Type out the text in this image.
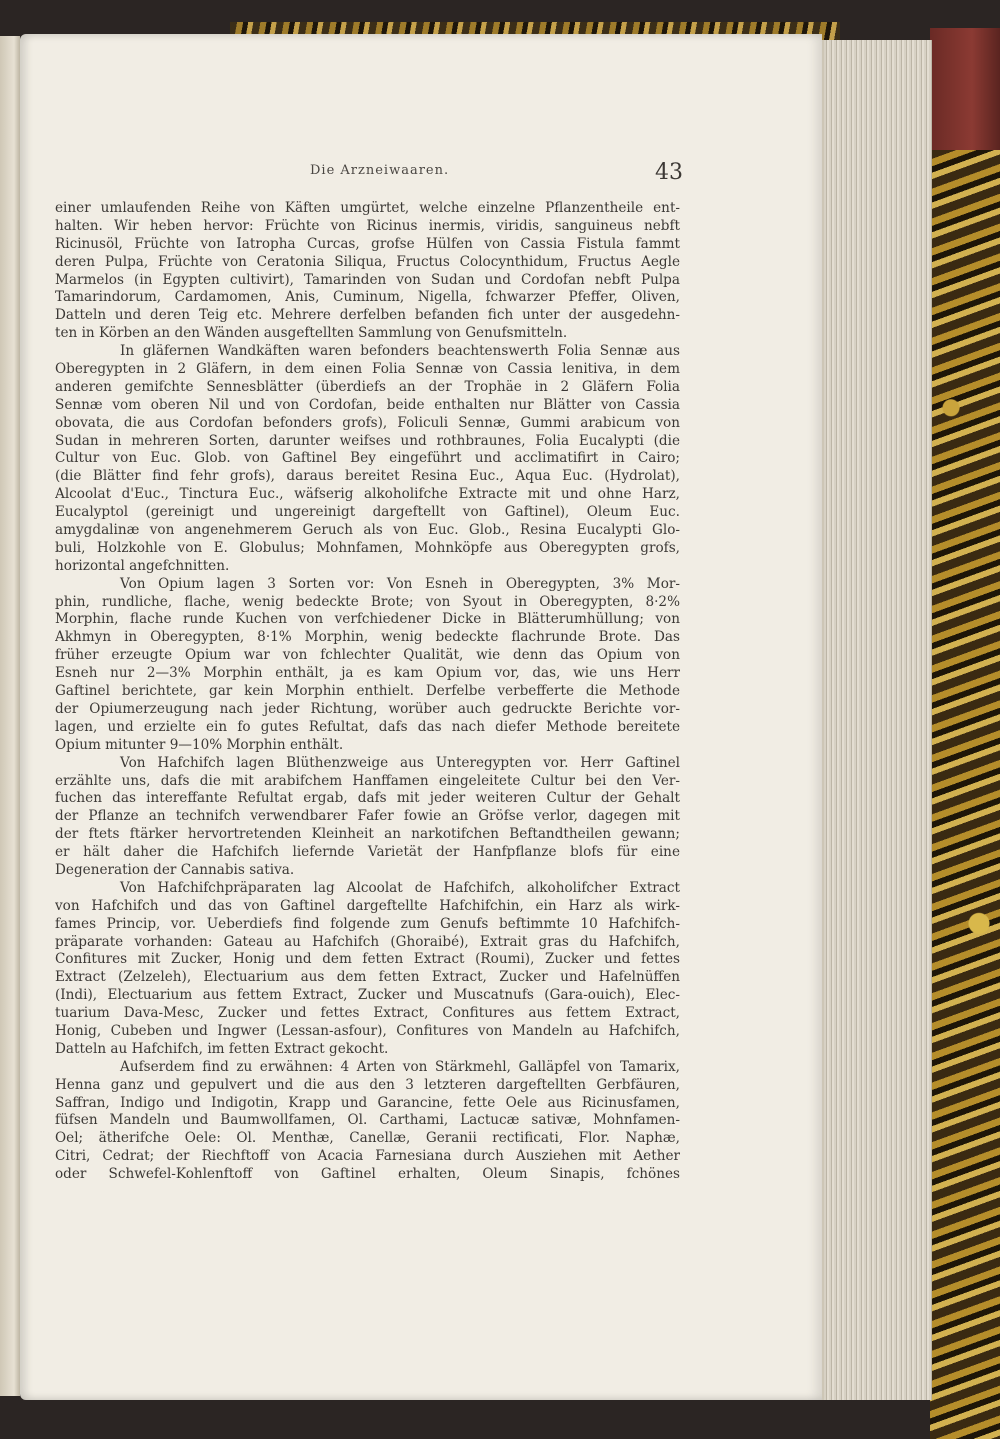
Die Arzneiwaaren.	43
einer umlaufenden Reihe von Käften umgürtet, welche einzelne Pflanzentheile ent-
halten. Wir heben hervor: Früchte von Ricinus inermis, viridis, sanguineus nebft
Ricinusöl, Früchte von Iatropha Curcas, grofse Hülfen von Cassia Fistula fammt
deren Pulpa, Früchte von Ceratonia Siliqua, Fructus Colocynthidum, Fructus Aegle
Marmelos (in Egypten cultivirt), Tamarinden von Sudan und Cordofan nebft Pulpa
Tamarindorum, Cardamomen, Anis, Cuminum, Nigella, fchwarzer Pfeffer, Oliven,
Datteln und deren Teig etc. Mehrere derfelben befanden fich unter der ausgedehn-
ten in Körben an den Wänden ausgeftellten Sammlung von Genufsmitteln.
In gläfernen Wandkäften waren befonders beachtenswerth Folia Sennæ aus
Oberegypten in 2 Gläfern, in dem einen Folia Sennæ von Cassia lenitiva, in dem
anderen gemifchte Sennesblätter (überdiefs an der Trophäe in 2 Gläfern Folia
Sennæ vom oberen Nil und von Cordofan, beide enthalten nur Blätter von Cassia
obovata, die aus Cordofan befonders grofs), Foliculi Sennæ, Gummi arabicum von
Sudan in mehreren Sorten, darunter weifses und rothbraunes, Folia Eucalypti (die
Cultur von Euc. Glob. von Gaftinel Bey eingeführt und acclimatifirt in Cairo;
(die Blätter find fehr grofs), daraus bereitet Resina Euc., Aqua Euc. (Hydrolat),
Alcoolat d'Euc., Tinctura Euc., wäfserig alkoholifche Extracte mit und ohne Harz,
Eucalyptol (gereinigt und ungereinigt dargeftellt von Gaftinel), Oleum Euc.
amygdalinæ von angenehmerem Geruch als von Euc. Glob., Resina Eucalypti Glo-
buli, Holzkohle von E. Globulus; Mohnfamen, Mohnköpfe aus Oberegypten grofs,
horizontal angefchnitten.
Von Opium lagen 3 Sorten vor: Von Esneh in Oberegypten, 3% Mor-
phin, rundliche, flache, wenig bedeckte Brote; von Syout in Oberegypten, 8·2%
Morphin, flache runde Kuchen von verfchiedener Dicke in Blätterumhüllung; von
Akhmyn in Oberegypten, 8·1% Morphin, wenig bedeckte flachrunde Brote. Das
früher erzeugte Opium war von fchlechter Qualität, wie denn das Opium von
Esneh nur 2—3% Morphin enthält, ja es kam Opium vor, das, wie uns Herr
Gaftinel berichtete, gar kein Morphin enthielt. Derfelbe verbefferte die Methode
der Opiumerzeugung nach jeder Richtung, worüber auch gedruckte Berichte vor-
lagen, und erzielte ein fo gutes Refultat, dafs das nach diefer Methode bereitete
Opium mitunter 9—10% Morphin enthält.
Von Hafchifch lagen Blüthenzweige aus Unteregypten vor. Herr Gaftinel
erzählte uns, dafs die mit arabifchem Hanffamen eingeleitete Cultur bei den Ver-
fuchen das intereffante Refultat ergab, dafs mit jeder weiteren Cultur der Gehalt
der Pflanze an technifch verwendbarer Fafer fowie an Gröfse verlor, dagegen mit
der ftets ftärker hervortretenden Kleinheit an narkotifchen Beftandtheilen gewann;
er hält daher die Hafchifch liefernde Varietät der Hanfpflanze blofs für eine
Degeneration der Cannabis sativa.
Von Hafchifchpräparaten lag Alcoolat de Hafchifch, alkoholifcher Extract
von Hafchifch und das von Gaftinel dargeftellte Hafchifchin, ein Harz als wirk-
fames Princip, vor. Ueberdiefs find folgende zum Genufs beftimmte 10 Hafchifch-
präparate vorhanden: Gateau au Hafchifch (Ghoraibé), Extrait gras du Hafchifch,
Confitures mit Zucker, Honig und dem fetten Extract (Roumi), Zucker und fettes
Extract (Zelzeleh), Electuarium aus dem fetten Extract, Zucker und Hafelnüffen
(Indi), Electuarium aus fettem Extract, Zucker und Muscatnufs (Gara-ouich), Elec-
tuarium Dava-Mesc, Zucker und fettes Extract, Confitures aus fettem Extract,
Honig, Cubeben und Ingwer (Lessan-asfour), Confitures von Mandeln au Hafchifch,
Datteln au Hafchifch, im fetten Extract gekocht.
Aufserdem find zu erwähnen: 4 Arten von Stärkmehl, Galläpfel von Tamarix,
Henna ganz und gepulvert und die aus den 3 letzteren dargeftellten Gerbfäuren,
Saffran, Indigo und Indigotin, Krapp und Garancine, fette Oele aus Ricinusfamen,
füfsen Mandeln und Baumwollfamen, Ol. Carthami, Lactucæ sativæ, Mohnfamen-
Oel; ätherifche Oele: Ol. Menthæ, Canellæ, Geranii rectificati, Flor. Naphæ,
Citri, Cedrat; der Riechftoff von Acacia Farnesiana durch Ausziehen mit Aether
oder Schwefel-Kohlenftoff von Gaftinel erhalten, Oleum Sinapis, fchönes
